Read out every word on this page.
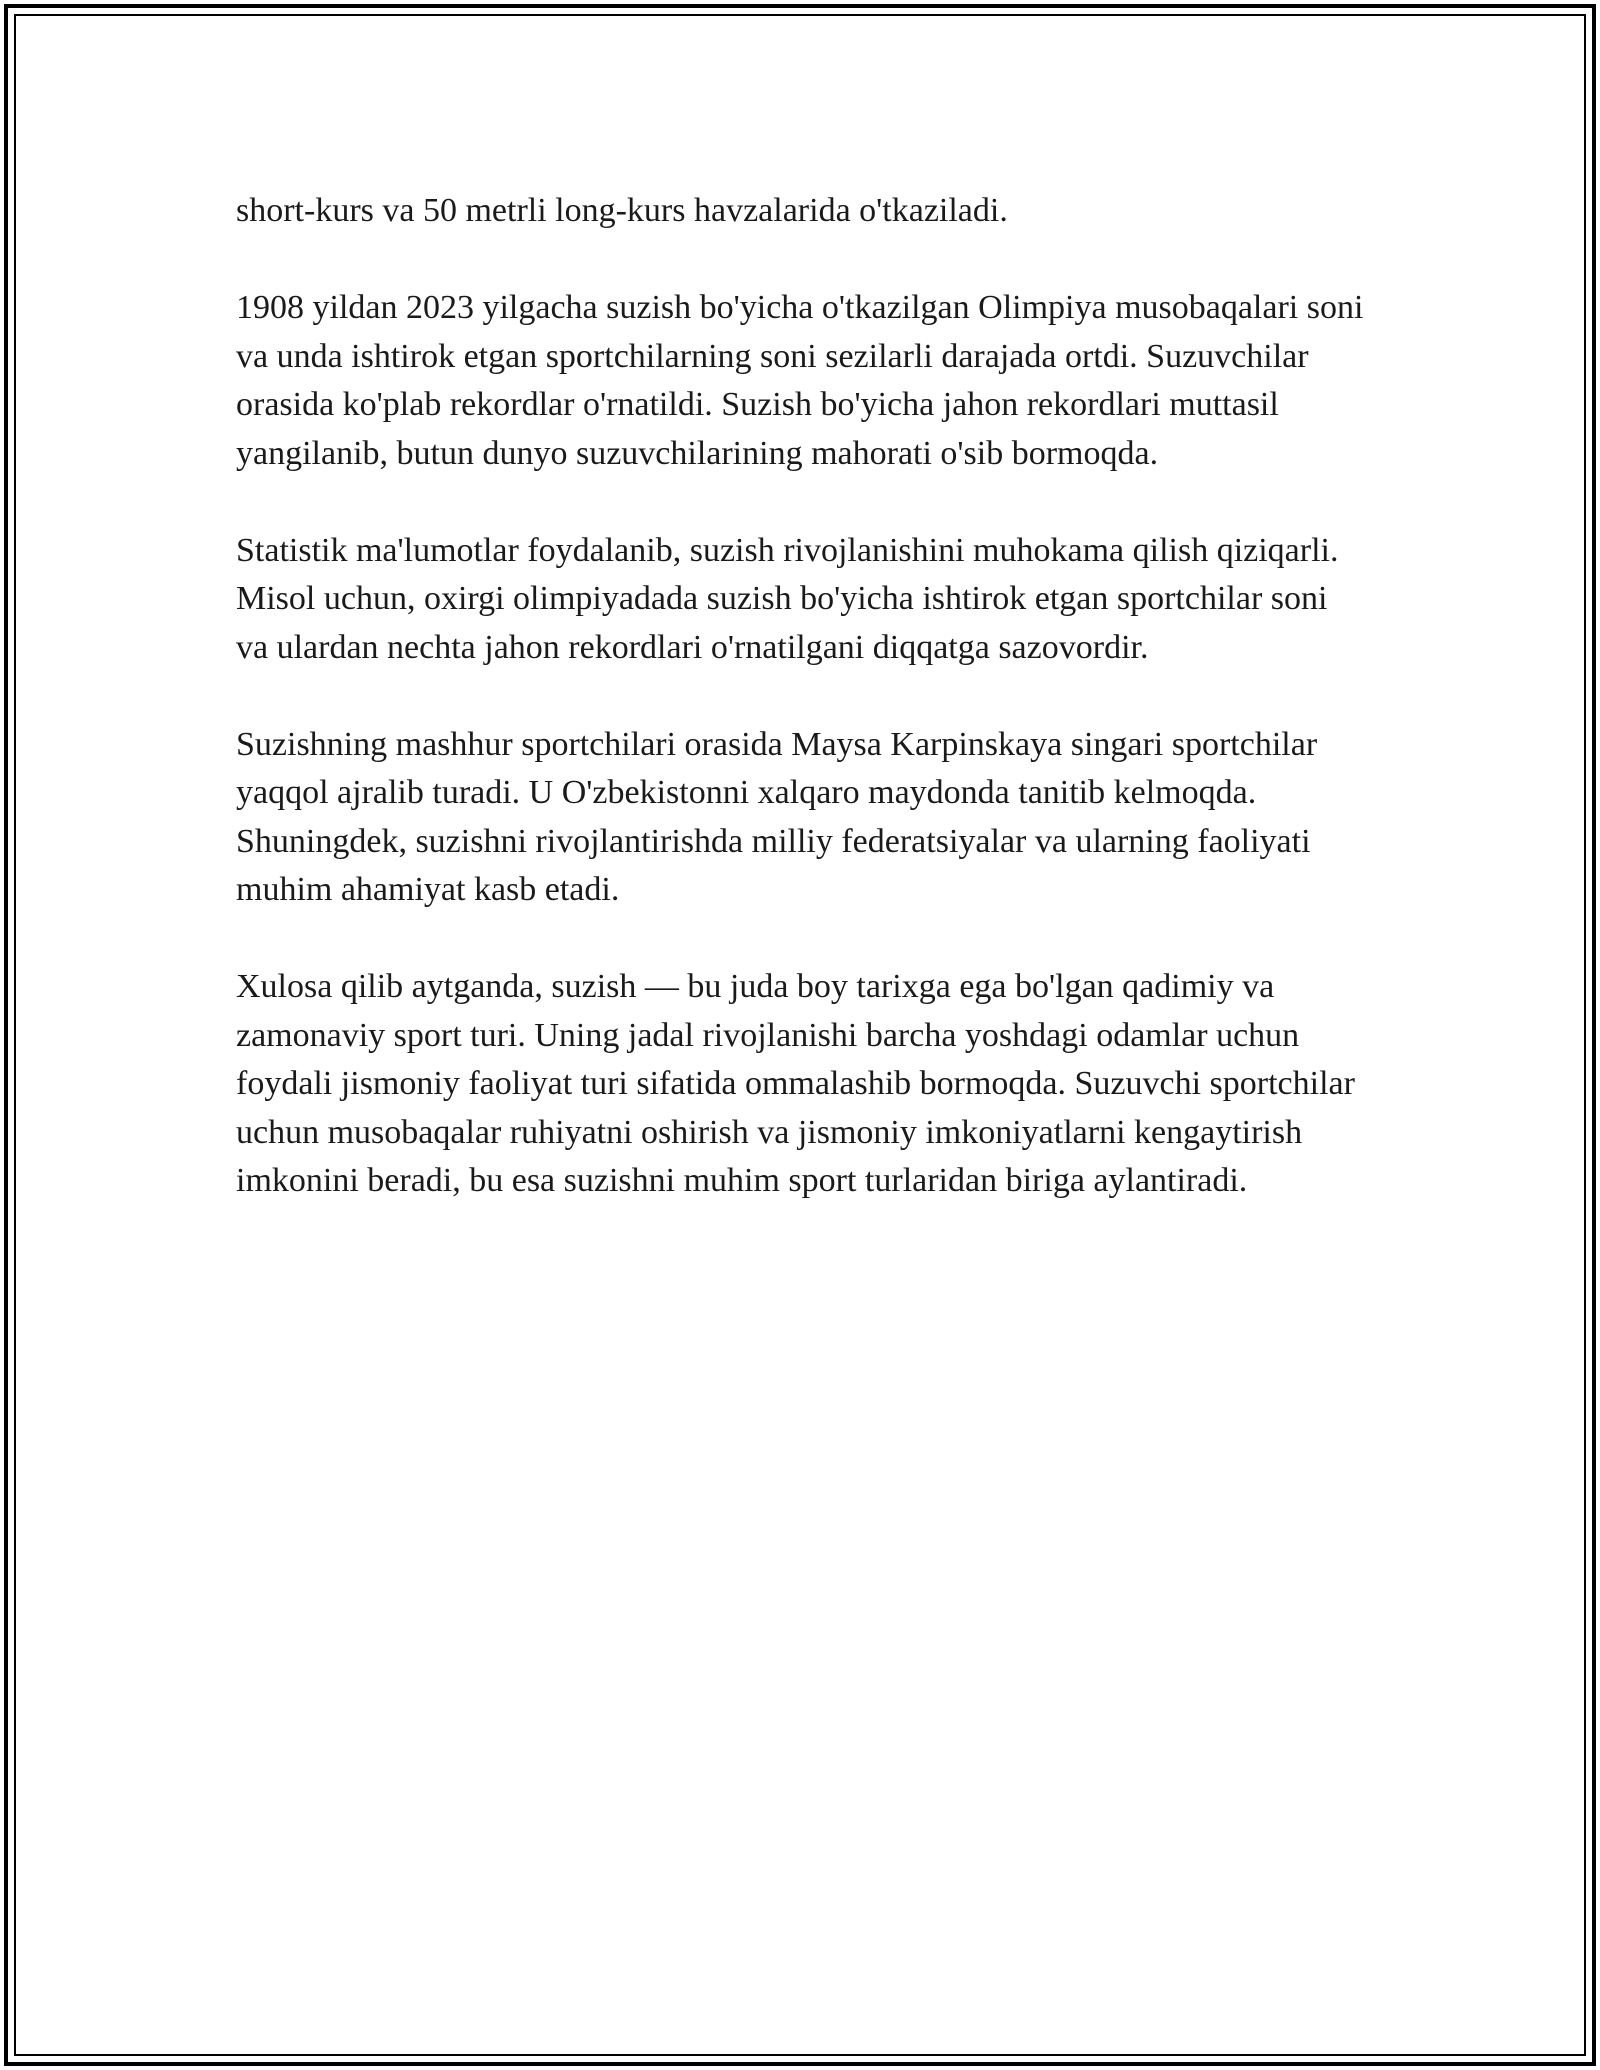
short-kurs va 50 metrli long-kurs havzalarida o'tkaziladi.

1908 yildan 2023 yilgacha suzish bo'yicha o'tkazilgan Olimpiya musobaqalari soni va unda ishtirok etgan sportchilarning soni sezilarli darajada ortdi. Suzuvchilar orasida ko'plab rekordlar o'rnatildi. Suzish bo'yicha jahon rekordlari muttasil yangilanib, butun dunyo suzuvchilarining mahorati o'sib bormoqda.

Statistik ma'lumotlar foydalanib, suzish rivojlanishini muhokama qilish qiziqarli. Misol uchun, oxirgi olimpiyadada suzish bo'yicha ishtirok etgan sportchilar soni va ulardan nechta jahon rekordlari o'rnatilgani diqqatga sazovordir.

Suzishning mashhur sportchilari orasida Maysa Karpinskaya singari sportchilar yaqqol ajralib turadi. U O'zbekistonni xalqaro maydonda tanitib kelmoqda. Shuningdek, suzishni rivojlantirishda milliy federatsiyalar va ularning faoliyati muhim ahamiyat kasb etadi.

Xulosa qilib aytganda, suzish — bu juda boy tarixga ega bo'lgan qadimiy va zamonaviy sport turi. Uning jadal rivojlanishi barcha yoshdagi odamlar uchun foydali jismoniy faoliyat turi sifatida ommalashib bormoqda. Suzuvchi sportchilar uchun musobaqalar ruhiyatni oshirish va jismoniy imkoniyatlarni kengaytirish imkonini beradi, bu esa suzishni muhim sport turlaridan biriga aylantiradi.
